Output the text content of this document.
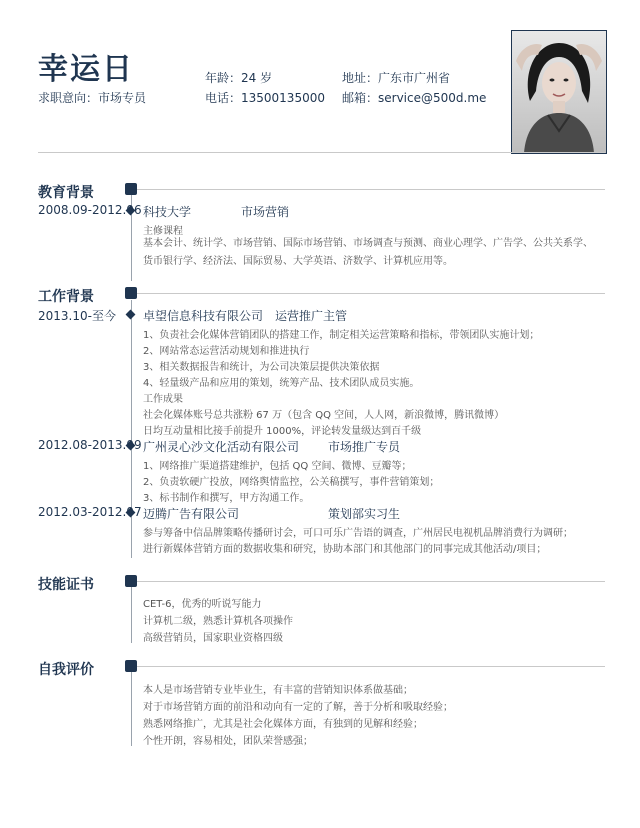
幸运日
求职意向：市场专员
年龄：24 岁	地址：广东市广州省
电话：13500135000 邮箱：service@500d.me
教育背景
2008.09-2012.06 科技大学	市场营销
主修课程
基本会计、统计学、市场营销、国际市场营销、市场调查与预测、商业心理学、广告学、公共关系学、货币银行学、经济法、国际贸易、大学英语、济数学、计算机应用等。
工作背景
2013.10-至今 卓望信息科技有限公司 运营推广主管
1、负责社会化媒体营销团队的搭建工作，制定相关运营策略和指标，带领团队实施计划；
2、网站常态运营活动规划和推进执行
3、相关数据报告和统计，为公司决策层提供决策依据
4、轻量级产品和应用的策划，统筹产品、技术团队成员实施。
工作成果
社会化媒体账号总共涨粉 67 万（包含 QQ 空间，人人网，新浪微博，腾讯微博）
日均互动量相比接手前提升 1000%，评论转发量级达到百千级
2012.08-2013.09 广州灵心沙文化活动有限公司 市场推广专员
1、网络推广渠道搭建维护，包括 QQ 空间、微博、豆瓣等；
2、负责软硬广投放，网络舆情监控，公关稿撰写，事件营销策划；
3、标书制作和撰写，甲方沟通工作。
2012.03-2012.07 迈腾广告有限公司	策划部实习生
参与筹备中信品牌策略传播研讨会，可口可乐广告语的调查，广州居民电视机品牌消费行为调研；
进行新媒体营销方面的数据收集和研究，协助本部门和其他部门的同事完成其他活动/项目；
技能证书
CET-6，优秀的听说写能力
计算机二级，熟悉计算机各项操作
高级营销员，国家职业资格四级
自我评价
本人是市场营销专业毕业生，有丰富的营销知识体系做基础；
对于市场营销方面的前沿和动向有一定的了解，善于分析和吸取经验；
熟悉网络推广，尤其是社会化媒体方面，有独到的见解和经验；
个性开朗，容易相处，团队荣誉感强；
